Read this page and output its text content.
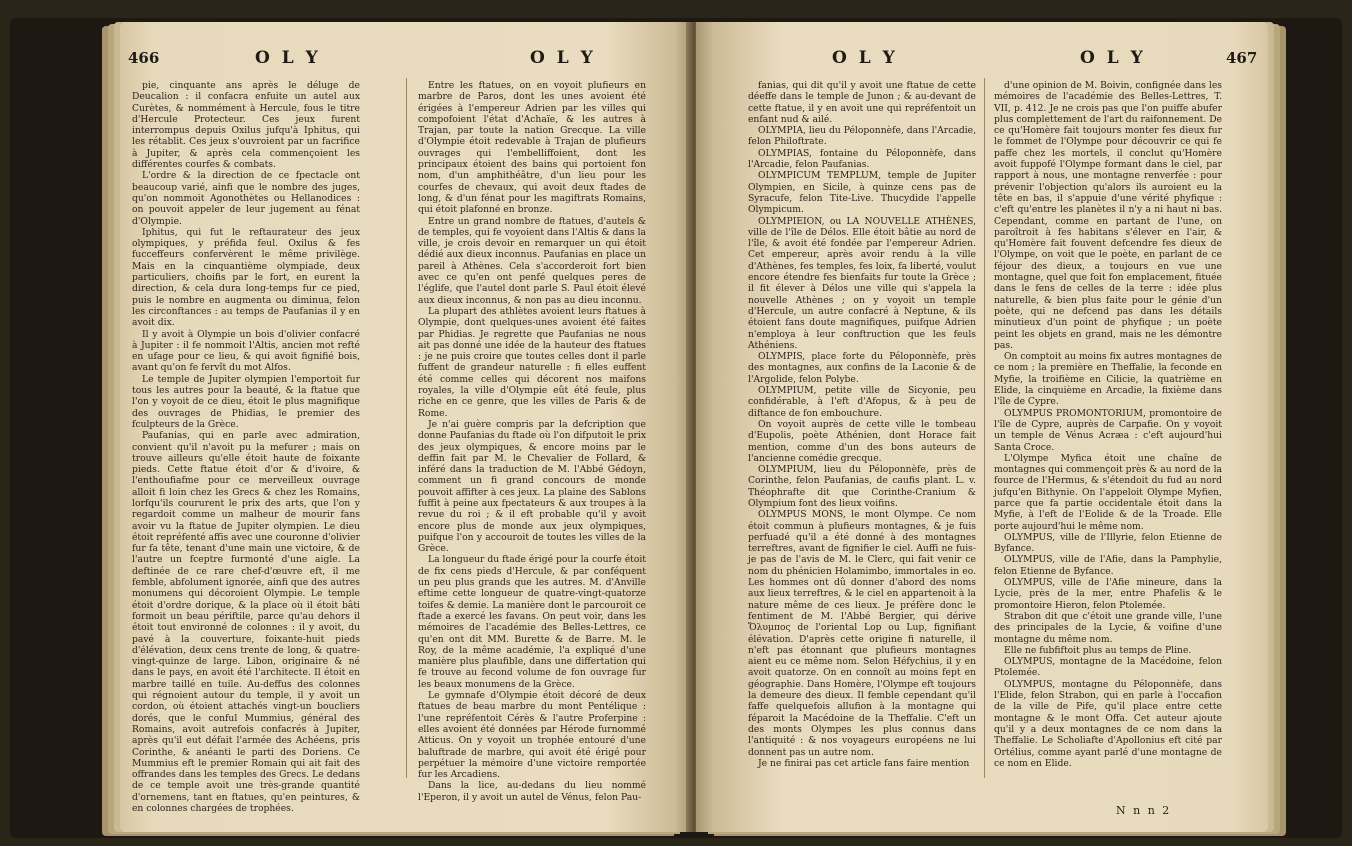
466	O L Y	O L Y

pie, cinquante ans après le déluge de Deucalion : il confacra enfuite un autel aux Curètes, & nommément à Hercule, fous le titre d'Hercule Protecteur. Ces jeux furent interrompus depuis Oxilus jufqu'à Iphitus, qui les rétablit. Ces jeux s'ouvroient par un facrifice à Jupiter, & après cela commençoient les différentes courfes & combats.

L'ordre & la direction de ce fpectacle ont beaucoup varié, ainfi que le nombre des juges, qu'on nommoit Agonothètes ou Hellanodices : on pouvoit appeler de leur jugement au fénat d'Olympie.

Iphitus, qui fut le reftaurateur des jeux olympiques, y préfida feul. Oxilus & fes fucceffeurs confervèrent le même privilège. Mais en la cinquantième olympiade, deux particuliers, choifis par le fort, en eurent la direction, & cela dura long-temps fur ce pied, puis le nombre en augmenta ou diminua, felon les circonftances : au temps de Paufanias il y en avoit dix.

Il y avoit à Olympie un bois d'olivier confacré à Jupiter : il fe nommoit l'Altis, ancien mot refté en ufage pour ce lieu, & qui avoit fignifié bois, avant qu'on fe fervît du mot Alfos.

Le temple de Jupiter olympien l'emportoit fur tous les autres pour la beauté, & la ftatue que l'on y voyoit de ce dieu, étoit le plus magnifique des ouvrages de Phidias, le premier des fculpteurs de la Grèce.

Paufanias, qui en parle avec admiration, convient qu'il n'avoit pu la mefurer ; mais on trouve ailleurs qu'elle étoit haute de foixante pieds. Cette ftatue étoit d'or & d'ivoire, & l'enthoufiafme pour ce merveilleux ouvrage alloit fi loin chez les Grecs & chez les Romains, lorfqu'ils coururent le prix des arts, que l'on y regardoit comme un malheur de mourir fans avoir vu la ftatue de Jupiter olympien. Le dieu étoit repréfenté affis avec une couronne d'olivier fur fa tête, tenant d'une main une victoire, & de l'autre un fceptre furmonté d'une aigle. La deftinée de ce rare chef-d'œuvre eft, il me femble, abfolument ignorée, ainfi que des autres monumens qui décoroient Olympie. Le temple étoit d'ordre dorique, & la place où il étoit bâti formoit un beau périftile, parce qu'au dehors il étoit tout environné de colonnes : il y avoit, du pavé à la couverture, foixante-huit pieds d'élévation, deux cens trente de long, & quatre-vingt-quinze de large. Libon, originaire & né dans le pays, en avoit été l'architecte. Il étoit en marbre taillé en tuile. Au-deffus des colonnes qui régnoient autour du temple, il y avoit un cordon, où étoient attachés vingt-un boucliers dorés, que le conful Mummius, général des Romains, avoit autrefois confacrés à Jupiter, après qu'il eut défait l'armée des Achéens, pris Corinthe, & anéanti le parti des Doriens. Ce Mummius eft le premier Romain qui ait fait des offrandes dans les temples des Grecs. Le dedans de ce temple avoit une très-grande quantité d'ornemens, tant en ftatues, qu'en peintures, & en colonnes chargées de trophées.

Entre les ftatues, on en voyoit plufieurs en marbre de Paros, dont les unes avoient été érigées à l'empereur Adrien par les villes qui compofoient l'état d'Achaïe, & les autres à Trajan, par toute la nation Grecque. La ville d'Olympie étoit redevable à Trajan de plufieurs ouvrages qui l'embelliffoient, dont les principaux étoient des bains qui portoient fon nom, d'un amphithéâtre, d'un lieu pour les courfes de chevaux, qui avoit deux ftades de long, & d'un fénat pour les magiftrats Romains, qui étoit plafonné en bronze.

Entre un grand nombre de ftatues, d'autels & de temples, qui fe voyoient dans l'Altis & dans la ville, je crois devoir en remarquer un qui étoit dédié aux dieux inconnus. Paufanias en place un pareil à Athènes. Cela s'accorderoit fort bien avec ce qu'en ont penfé quelques peres de l'églife, que l'autel dont parle S. Paul étoit élevé aux dieux inconnus, & non pas au dieu inconnu.

La plupart des athlètes avoient leurs ftatues à Olympie, dont quelques-unes avoient été faites par Phidias. Je regrette que Paufanias ne nous ait pas donné une idée de la hauteur des ftatues : je ne puis croire que toutes celles dont il parle fuffent de grandeur naturelle : fi elles euffent été comme celles qui décorent nos maifons royales, la ville d'Olympie eût été feule, plus riche en ce genre, que les villes de Paris & de Rome.

Je n'ai guère compris par la defcription que donne Paufanias du ftade où l'on difputoit le prix des jeux olympiques, & encore moins par le deffin fait par M. le Chevalier de Follard, & inféré dans la traduction de M. l'Abbé Gédoyn, comment un fi grand concours de monde pouvoit affifter à ces jeux. La plaine des Sablons fuffit à peine aux fpectateurs & aux troupes à la revue du roi ; & il eft probable qu'il y avoit encore plus de monde aux jeux olympiques, puifque l'on y accouroit de toutes les villes de la Grèce.

La longueur du ftade érigé pour la courfe étoit de fix cens pieds d'Hercule, & par conféquent un peu plus grands que les autres. M. d'Anville eftime cette longueur de quatre-vingt-quatorze toifes & demie. La manière dont le parcouroit ce ftade a exercé les favans. On peut voir, dans les mémoires de l'académie des Belles-Lettres, ce qu'en ont dit MM. Burette & de Barre. M. le Roy, de la même académie, l'a expliqué d'une manière plus plaufible, dans une differtation qui fe trouve au fecond volume de fon ouvrage fur les beaux monumens de la Grèce.

Le gymnafe d'Olympie étoit décoré de deux ftatues de beau marbre du mont Pentélique : l'une repréfentoit Cérès & l'autre Proferpine : elles avoient été données par Hérode furnommé Atticus. On y voyoit un trophée entouré d'une baluftrade de marbre, qui avoit été érigé pour perpétuer la mémoire d'une victoire remportée fur les Arcadiens.

Dans la lice, au-dedans du lieu nommé l'Eperon, il y avoit un autel de Vénus, felon Pau-

O L Y	O L Y	467

fanias, qui dit qu'il y avoit une ftatue de cette déeffe dans le temple de Junon ; & au-devant de cette ftatue, il y en avoit une qui repréfentoit un enfant nud & ailé.

OLYMPIA, lieu du Péloponnèfe, dans l'Arcadie, felon Philoftrate.

OLYMPIAS, fontaine du Péloponnèfe, dans l'Arcadie, felon Paufanias.

OLYMPICUM TEMPLUM, temple de Jupiter Olympien, en Sicile, à quinze cens pas de Syracufe, felon Tite-Live. Thucydide l'appelle Olympicum.

OLYMPIEION, ou LA NOUVELLE ATHÈNES, ville de l'île de Délos. Elle étoit bâtie au nord de l'île, & avoit été fondée par l'empereur Adrien. Cet empereur, après avoir rendu à la ville d'Athènes, fes temples, fes loix, fa liberté, voulut encore étendre fes bienfaits fur toute la Grèce ; il fit élever à Délos une ville qui s'appela la nouvelle Athènes ; on y voyoit un temple d'Hercule, un autre confacré à Neptune, & ils étoient fans doute magnifiques, puifque Adrien n'employa à leur conftruction que les feuls Athéniens.

OLYMPIS, place forte du Péloponnèfe, près des montagnes, aux confins de la Laconie & de l'Argolide, felon Polybe.

OLYMPIUM, petite ville de Sicyonie, peu confidérable, à l'eft d'Afopus, & à peu de diftance de fon embouchure.

On voyoit auprès de cette ville le tombeau d'Eupolis, poète Athénien, dont Horace fait mention, comme d'un des bons auteurs de l'ancienne comédie grecque.

OLYMPIUM, lieu du Péloponnèfe, près de Corinthe, felon Paufanias, de caufis plant. L. v. Théophrafte dit que Corinthe-Cranium & Olympium font des lieux voifins.

OLYMPUS MONS, le mont Olympe. Ce nom étoit commun à plufieurs montagnes, & je fuis perfuadé qu'il a été donné à des montagnes terreftres, avant de fignifier le ciel. Auffi ne fuis-je pas de l'avis de M. le Clerc, qui fait venir ce nom du phénicien Holamimbo, immortales in eo. Les hommes ont dû donner d'abord des noms aux lieux terreftres, & le ciel en appartenoit à la nature même de ces lieux. Je préfère donc le fentiment de M. l'Abbé Bergier, qui dérive Ὄλυμπος de l'oriental Lop ou Lup, fignifiant élévation. D'après cette origine fi naturelle, il n'eft pas étonnant que plufieurs montagnes aient eu ce même nom. Selon Héfychius, il y en avoit quatorze. On en connoît au moins fept en géographie. Dans Homère, l'Olympe eft toujours la demeure des dieux. Il femble cependant qu'il faffe quelquefois allufion à la montagne qui féparoit la Macédoine de la Theffalie. C'eft un des monts Olympes les plus connus dans l'antiquité : & nos voyageurs européens ne lui donnent pas un autre nom.

Je ne finirai pas cet article fans faire mention

d'une opinion de M. Boivin, confignée dans les mémoires de l'académie des Belles-Lettres, T. VII, p. 412. Je ne crois pas que l'on puiffe abufer plus complettement de l'art du raifonnement. De ce qu'Homère fait toujours monter fes dieux fur le fommet de l'Olympe pour découvrir ce qui fe paffe chez les mortels, il conclut qu'Homère avoit fuppofé l'Olympe formant dans le ciel, par rapport à nous, une montagne renverfée : pour prévenir l'objection qu'alors ils auroient eu la tête en bas, il s'appuie d'une vérité phyfique : c'eft qu'entre les planètes il n'y a ni haut ni bas. Cependant, comme en partant de l'une, on paroîtroit à fes habitans s'élever en l'air, & qu'Homère fait fouvent defcendre fes dieux de l'Olympe, on voit que le poète, en parlant de ce féjour des dieux, a toujours en vue une montagne, quel que foit fon emplacement, fituée dans le fens de celles de la terre : idée plus naturelle, & bien plus faite pour le génie d'un poète, qui ne defcend pas dans les détails minutieux d'un point de phyfique ; un poète peint les objets en grand, mais ne les démontre pas.

On comptoit au moins fix autres montagnes de ce nom ; la première en Theffalie, la feconde en Myfie, la troifième en Cilicie, la quatrième en Elide, la cinquième en Arcadie, la fixième dans l'île de Cypre.

OLYMPUS PROMONTORIUM, promontoire de l'île de Cypre, auprès de Carpafie. On y voyoit un temple de Vénus Acræa : c'eft aujourd'hui Santa Croce.

L'Olympe Myfica étoit une chaîne de montagnes qui commençoit près & au nord de la fource de l'Hermus, & s'étendoit du fud au nord jufqu'en Bithynie. On l'appeloit Olympe Myfien, parce que fa partie occidentale étoit dans la Myfie, à l'eft de l'Eolide & de la Troade. Elle porte aujourd'hui le même nom.

OLYMPUS, ville de l'Illyrie, felon Etienne de Byfance.

OLYMPUS, ville de l'Afie, dans la Pamphylie, felon Etienne de Byfance.

OLYMPUS, ville de l'Afie mineure, dans la Lycie, près de la mer, entre Phafelis & le promontoire Hieron, felon Ptolemée.

Strabon dit que c'étoit une grande ville, l'une des principales de la Lycie, & voifine d'une montagne du même nom.

Elle ne fubfiftoit plus au temps de Pline.

OLYMPUS, montagne de la Macédoine, felon Ptolemée.

OLYMPUS, montagne du Péloponnèfe, dans l'Elide, felon Strabon, qui en parle à l'occafion de la ville de Pife, qu'il place entre cette montagne & le mont Offa. Cet auteur ajoute qu'il y a deux montagnes de ce nom dans la Theffalie. Le Scholiafte d'Apollonius eft cité par Ortélius, comme ayant parlé d'une montagne de ce nom en Elide.

N n n 2
